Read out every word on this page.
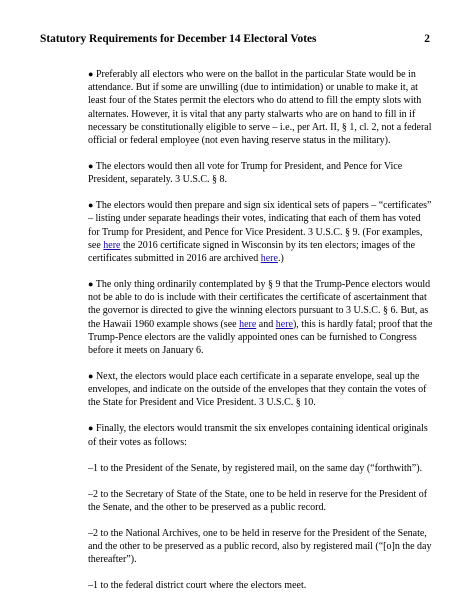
Statutory Requirements for December 14 Electoral Votes	2

● Preferably all electors who were on the ballot in the particular State would be in attendance. But if some are unwilling (due to intimidation) or unable to make it, at least four of the States permit the electors who do attend to fill the empty slots with alternates. However, it is vital that any party stalwarts who are on hand to fill in if necessary be constitutionally eligible to serve – i.e., per Art. II, § 1, cl. 2, not a federal official or federal employee (not even having reserve status in the military).

● The electors would then all vote for Trump for President, and Pence for Vice President, separately. 3 U.S.C. § 8.

● The electors would then prepare and sign six identical sets of papers – “certificates” – listing under separate headings their votes, indicating that each of them has voted for Trump for President, and Pence for Vice President. 3 U.S.C. § 9. (For examples, see here the 2016 certificate signed in Wisconsin by its ten electors; images of the certificates submitted in 2016 are archived here.)

● The only thing ordinarily contemplated by § 9 that the Trump-Pence electors would not be able to do is include with their certificates the certificate of ascertainment that the governor is directed to give the winning electors pursuant to 3 U.S.C. § 6. But, as the Hawaii 1960 example shows (see here and here), this is hardly fatal; proof that the Trump-Pence electors are the validly appointed ones can be furnished to Congress before it meets on January 6.

● Next, the electors would place each certificate in a separate envelope, seal up the envelopes, and indicate on the outside of the envelopes that they contain the votes of the State for President and Vice President. 3 U.S.C. § 10.

● Finally, the electors would transmit the six envelopes containing identical originals of their votes as follows:

–1 to the President of the Senate, by registered mail, on the same day (“forthwith”).

–2 to the Secretary of State of the State, one to be held in reserve for the President of the Senate, and the other to be preserved as a public record.

–2 to the National Archives, one to be held in reserve for the President of the Senate, and the other to be preserved as a public record, also by registered mail (“[o]n the day thereafter”).

–1 to the federal district court where the electors meet.
